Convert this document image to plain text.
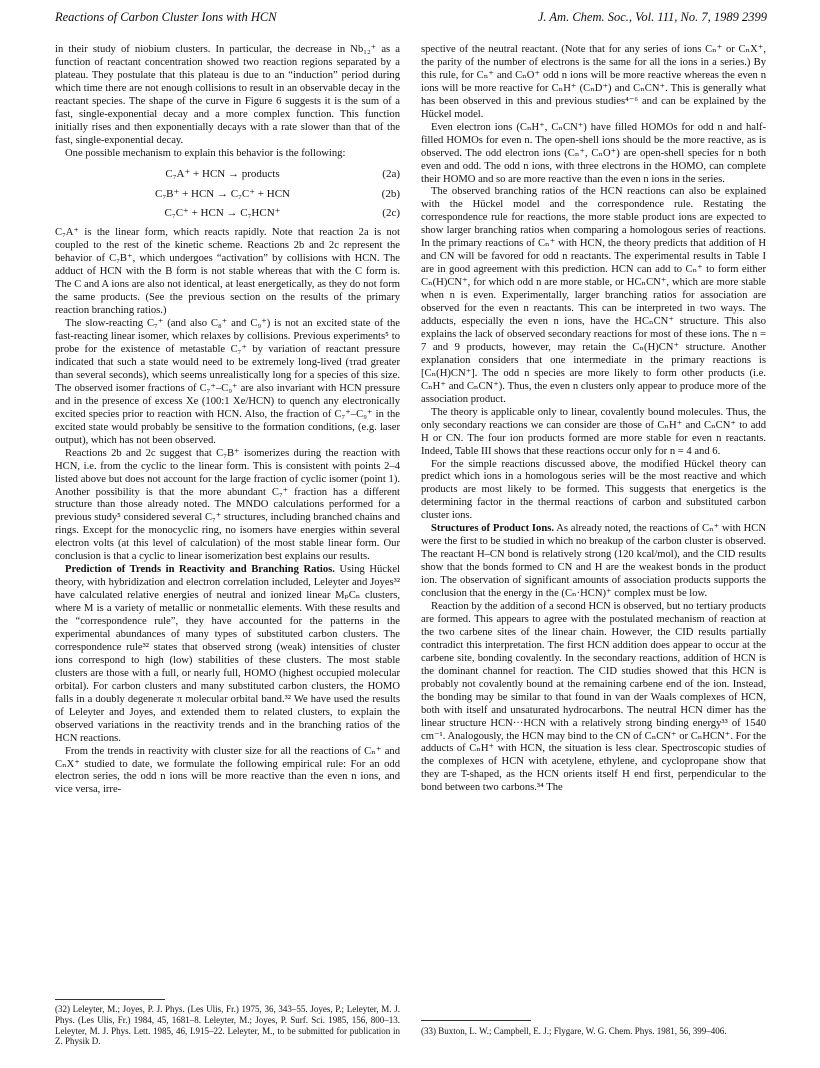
Reactions of Carbon Cluster Ions with HCN	J. Am. Chem. Soc., Vol. 111, No. 7, 1989 2399

in their study of niobium clusters. In particular, the decrease in Nb₁₂⁺ as a function of reactant concentration showed two reaction regions separated by a plateau. They postulate that this plateau is due to an “induction” period during which time there are not enough collisions to result in an observable decay in the reactant species. The shape of the curve in Figure 6 suggests it is the sum of a fast, single-exponential decay and a more complex function. This function initially rises and then exponentially decays with a rate slower than that of the fast, single-exponential decay.

One possible mechanism to explain this behavior is the following:

C₇A⁺ + HCN → products	(2a)
C₇B⁺ + HCN → C₇C⁺ + HCN	(2b)
C₇C⁺ + HCN → C₇HCN⁺	(2c)

C₇A⁺ is the linear form, which reacts rapidly. Note that reaction 2a is not coupled to the rest of the kinetic scheme. Reactions 2b and 2c represent the behavior of C₇B⁺, which undergoes “activation” by collisions with HCN. The adduct of HCN with the B form is not stable whereas that with the C form is. The C and A ions are also not identical, at least energetically, as they do not form the same products. (See the previous section on the results of the primary reaction branching ratios.)

The slow-reacting C₇⁺ (and also C₈⁺ and C₉⁺) is not an excited state of the fast-reacting linear isomer, which relaxes by collisions. Previous experiments⁵ to probe for the existence of metastable C₇⁺ by variation of reactant pressure indicated that such a state would need to be extremely long-lived (τrad greater than several seconds), which seems unrealistically long for a species of this size. The observed isomer fractions of C₇⁺–C₉⁺ are also invariant with HCN pressure and in the presence of excess Xe (100:1 Xe/HCN) to quench any electronically excited species prior to reaction with HCN. Also, the fraction of C₇⁺–C₉⁺ in the excited state would probably be sensitive to the formation conditions, (e.g. laser output), which has not been observed.

Reactions 2b and 2c suggest that C₇B⁺ isomerizes during the reaction with HCN, i.e. from the cyclic to the linear form. This is consistent with points 2–4 listed above but does not account for the large fraction of cyclic isomer (point 1). Another possibility is that the more abundant C₇⁺ fraction has a different structure than those already noted. The MNDO calculations performed for a previous study⁵ considered several C₇⁺ structures, including branched chains and rings. Except for the monocyclic ring, no isomers have energies within several electron volts (at this level of calculation) of the most stable linear form. Our conclusion is that a cyclic to linear isomerization best explains our results.

Prediction of Trends in Reactivity and Branching Ratios. Using Hückel theory, with hybridization and electron correlation included, Leleyter and Joyes³² have calculated relative energies of neutral and ionized linear MₚCₙ clusters, where M is a variety of metallic or nonmetallic elements. With these results and the “correspondence rule”, they have accounted for the patterns in the experimental abundances of many types of substituted carbon clusters. The correspondence rule³² states that observed strong (weak) intensities of cluster ions correspond to high (low) stabilities of these clusters. The most stable clusters are those with a full, or nearly full, HOMO (highest occupied molecular orbital). For carbon clusters and many substituted carbon clusters, the HOMO falls in a doubly degenerate π molecular orbital band.³² We have used the results of Leleyter and Joyes, and extended them to related clusters, to explain the observed variations in the reactivity trends and in the branching ratios of the HCN reactions.

From the trends in reactivity with cluster size for all the reactions of Cₙ⁺ and CₙX⁺ studied to date, we formulate the following empirical rule: For an odd electron series, the odd n ions will be more reactive than the even n ions, and vice versa, irre-

spective of the neutral reactant. (Note that for any series of ions Cₙ⁺ or CₙX⁺, the parity of the number of electrons is the same for all the ions in a series.) By this rule, for Cₙ⁺ and CₙO⁺ odd n ions will be more reactive whereas the even n ions will be more reactive for CₙH⁺ (CₙD⁺) and CₙCN⁺. This is generally what has been observed in this and previous studies⁴⁻⁶ and can be explained by the Hückel model.

Even electron ions (CₙH⁺, CₙCN⁺) have filled HOMOs for odd n and half-filled HOMOs for even n. The open-shell ions should be the more reactive, as is observed. The odd electron ions (Cₙ⁺, CₙO⁺) are open-shell species for n both even and odd. The odd n ions, with three electrons in the HOMO, can complete their HOMO and so are more reactive than the even n ions in the series.

The observed branching ratios of the HCN reactions can also be explained with the Hückel model and the correspondence rule. Restating the correspondence rule for reactions, the more stable product ions are expected to show larger branching ratios when comparing a homologous series of reactions. In the primary reactions of Cₙ⁺ with HCN, the theory predicts that addition of H and CN will be favored for odd n reactants. The experimental results in Table I are in good agreement with this prediction. HCN can add to Cₙ⁺ to form either Cₙ(H)CN⁺, for which odd n are more stable, or HCₙCN⁺, which are more stable when n is even. Experimentally, larger branching ratios for association are observed for the even n reactants. This can be interpreted in two ways. The adducts, especially the even n ions, have the HCₙCN⁺ structure. This also explains the lack of observed secondary reactions for most of these ions. The n = 7 and 9 products, however, may retain the Cₙ(H)CN⁺ structure. Another explanation considers that one intermediate in the primary reactions is [Cₙ(H)CN⁺]. The odd n species are more likely to form other products (i.e. CₙH⁺ and CₙCN⁺). Thus, the even n clusters only appear to produce more of the association product.

The theory is applicable only to linear, covalently bound molecules. Thus, the only secondary reactions we can consider are those of CₙH⁺ and CₙCN⁺ to add H or CN. The four ion products formed are more stable for even n reactants. Indeed, Table III shows that these reactions occur only for n = 4 and 6.

For the simple reactions discussed above, the modified Hückel theory can predict which ions in a homologous series will be the most reactive and which products are most likely to be formed. This suggests that energetics is the determining factor in the thermal reactions of carbon and substituted carbon cluster ions.

Structures of Product Ions. As already noted, the reactions of Cₙ⁺ with HCN were the first to be studied in which no breakup of the carbon cluster is observed. The reactant H–CN bond is relatively strong (120 kcal/mol), and the CID results show that the bonds formed to CN and H are the weakest bonds in the product ion. The observation of significant amounts of association products supports the conclusion that the energy in the (Cₙ·HCN)⁺ complex must be low.

Reaction by the addition of a second HCN is observed, but no tertiary products are formed. This appears to agree with the postulated mechanism of reaction at the two carbene sites of the linear chain. However, the CID results partially contradict this interpretation. The first HCN addition does appear to occur at the carbene site, bonding covalently. In the secondary reactions, addition of HCN is the dominant channel for reaction. The CID studies showed that this HCN is probably not covalently bound at the remaining carbene end of the ion. Instead, the bonding may be similar to that found in van der Waals complexes of HCN, both with itself and unsaturated hydrocarbons. The neutral HCN dimer has the linear structure HCN···HCN with a relatively strong binding energy³³ of 1540 cm⁻¹. Analogously, the HCN may bind to the CN of CₙCN⁺ or CₙHCN⁺. For the adducts of CₙH⁺ with HCN, the situation is less clear. Spectroscopic studies of the complexes of HCN with acetylene, ethylene, and cyclopropane show that they are T-shaped, as the HCN orients itself H end first, perpendicular to the bond between two carbons.³⁴ The

(32) Leleyter, M.; Joyes, P. J. Phys. (Les Ulis, Fr.) 1975, 36, 343–55. Joyes, P.; Leleyter, M. J. Phys. (Les Ulis, Fr.) 1984, 45, 1681–8. Leleyter, M.; Joyes, P. Surf. Sci. 1985, 156, 800–13. Leleyter, M. J. Phys. Lett. 1985, 46, L915–22. Leleyter, M., to be submitted for publication in Z. Physik D.
(33) Buxton, L. W.; Campbell, E. J.; Flygare, W. G. Chem. Phys. 1981, 56, 399–406.
